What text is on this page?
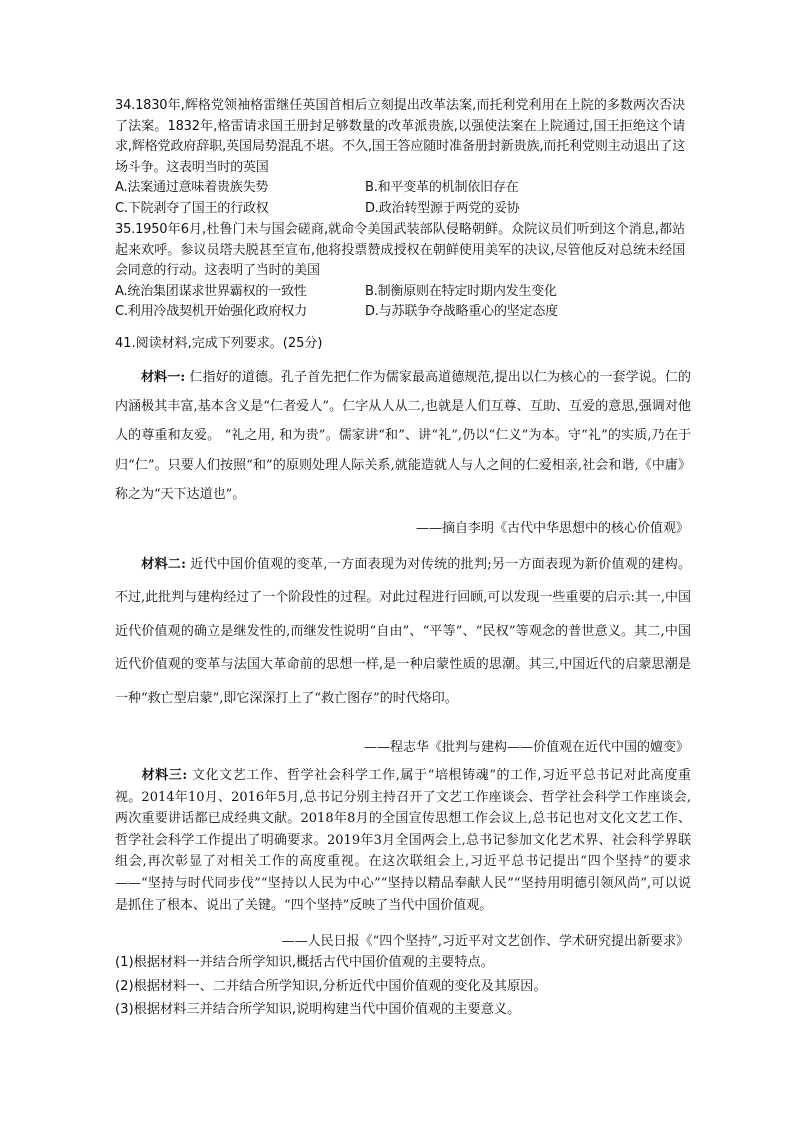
34.1830年,辉格党领袖格雷继任英国首相后立刻提出改革法案,而托利党利用在上院的多数两次否决了法案。1832年,格雷请求国王册封足够数量的改革派贵族,以强使法案在上院通过,国王拒绝这个请求,辉格党政府辞职,英国局势混乱不堪。不久,国王答应随时准备册封新贵族,而托利党则主动退出了这场斗争。这表明当时的英国

A.法案通过意味着贵族失势	B.和平变革的机制依旧存在
C.下院剥夺了国王的行政权	D.政治转型源于两党的妥协

35.1950年6月,杜鲁门未与国会磋商,就命令美国武装部队侵略朝鲜。众院议员们听到这个消息,都站起来欢呼。参议员塔夫脱甚至宣布,他将投票赞成授权在朝鲜使用美军的决议,尽管他反对总统未经国会同意的行动。这表明了当时的美国

A.统治集团谋求世界霸权的一致性	B.制衡原则在特定时期内发生变化
C.利用冷战契机开始强化政府权力	D.与苏联争夺战略重心的坚定态度
41.阅读材料,完成下列要求。(25分)
  材料一: 仁指好的道德。孔子首先把仁作为儒家最高道德规范,提出以仁为核心的一套学说。仁的内涵极其丰富,基本含义是“仁者爱人”。仁字从人从二,也就是人们互尊、互助、互爱的意思,强调对他人的尊重和友爱。 “礼之用, 和为贵”。儒家讲“和”、讲“礼”,仍以“仁义”为本。守“礼”的实质,乃在于归“仁”。只要人们按照“和”的原则处理人际关系,就能造就人与人之间的仁爱相亲,社会和谐,《中庸》 称之为“天下达道也”。
——摘自李明《古代中华思想中的核心价值观》
  材料二: 近代中国价值观的变革,一方面表现为对传统的批判;另一方面表现为新价值观的建构。不过,此批判与建构经过了一个阶段性的过程。对此过程进行回顾,可以发现一些重要的启示:其一,中国近代价值观的确立是继发性的,而继发性说明“自由”、“平等”、“民权”等观念的普世意义。其二,中国近代价值观的变革与法国大革命前的思想一样,是一种启蒙性质的思潮。其三,中国近代的启蒙思潮是一种“救亡型启蒙”,即它深深打上了“救亡图存”的时代烙印。
——程志华《批判与建构——价值观在近代中国的嬗变》
  材料三: 文化文艺工作、哲学社会科学工作,属于“培根铸魂”的工作,习近平总书记对此高度重视。2014年10月、2016年5月,总书记分别主持召开了文艺工作座谈会、哲学社会科学工作座谈会,两次重要讲话都已成经典文献。2018年8月的全国宣传思想工作会议上,总书记也对文化文艺工作、哲学社会科学工作提出了明确要求。2019年3月全国两会上,总书记参加文化艺术界、社会科学界联组会,再次彰显了对相关工作的高度重视。在这次联组会上,习近平总书记提出“四个坚持”的要求——“坚持与时代同步伐”“坚持以人民为中心”“坚持以精品奉献人民”“坚持用明德引领风尚”,可以说是抓住了根本、说出了关键。“四个坚持”反映了当代中国价值观。
——人民日报《“四个坚持”,习近平对文艺创作、学术研究提出新要求》
(1)根据材料一并结合所学知识,概括古代中国价值观的主要特点。
(2)根据材料一、二并结合所学知识,分析近代中国价值观的变化及其原因。
(3)根据材料三并结合所学知识,说明构建当代中国价值观的主要意义。
